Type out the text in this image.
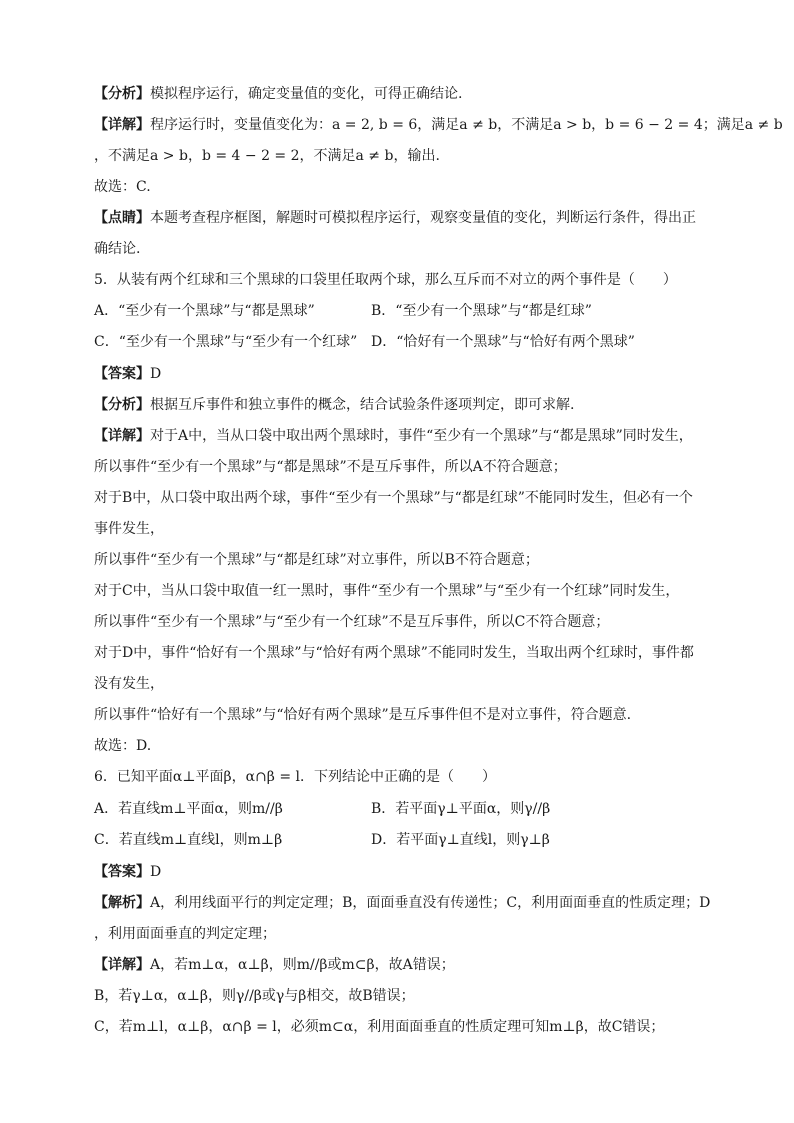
【分析】模拟程序运行，确定变量值的变化，可得正确结论.
【详解】程序运行时，变量值变化为：a = 2, b = 6，满足a ≠ b，不满足a > b，b = 6 − 2 = 4；满足a ≠ b
，不满足a > b，b = 4 − 2 = 2，不满足a ≠ b，输出.
故选：C.
【点睛】本题考查程序框图，解题时可模拟程序运行，观察变量值的变化，判断运行条件，得出正
确结论.
5．从装有两个红球和三个黑球的口袋里任取两个球，那么互斥而不对立的两个事件是（　　）
A．“至少有一个黑球”与“都是黑球”	B．“至少有一个黑球”与“都是红球”
C．“至少有一个黑球”与“至少有一个红球” D．“恰好有一个黑球”与“恰好有两个黑球”
【答案】D
【分析】根据互斥事件和独立事件的概念，结合试验条件逐项判定，即可求解.
【详解】对于A中，当从口袋中取出两个黑球时，事件“至少有一个黑球”与“都是黑球”同时发生，
所以事件“至少有一个黑球”与“都是黑球”不是互斥事件，所以A不符合题意；
对于B中，从口袋中取出两个球，事件“至少有一个黑球”与“都是红球”不能同时发生，但必有一个
事件发生，
所以事件“至少有一个黑球”与“都是红球”对立事件，所以B不符合题意；
对于C中，当从口袋中取值一红一黑时，事件“至少有一个黑球”与“至少有一个红球”同时发生，
所以事件“至少有一个黑球”与“至少有一个红球”不是互斥事件，所以C不符合题意；
对于D中，事件“恰好有一个黑球”与“恰好有两个黑球”不能同时发生，当取出两个红球时，事件都
没有发生，
所以事件“恰好有一个黑球”与“恰好有两个黑球”是互斥事件但不是对立事件，符合题意.
故选：D.
6．已知平面α⊥平面β，α∩β = l．下列结论中正确的是（　　）
A．若直线m⊥平面α，则m//β	B．若平面γ⊥平面α，则γ//β
C．若直线m⊥直线l，则m⊥β	D．若平面γ⊥直线l，则γ⊥β
【答案】D
【解析】A，利用线面平行的判定定理；B，面面垂直没有传递性；C，利用面面垂直的性质定理；D
，利用面面垂直的判定定理；
【详解】A，若m⊥α，α⊥β，则m//β或m⊂β，故A错误；
B，若γ⊥α，α⊥β，则γ//β或γ与β相交，故B错误；
C，若m⊥l，α⊥β，α∩β = l，必须m⊂α，利用面面垂直的性质定理可知m⊥β，故C错误；
